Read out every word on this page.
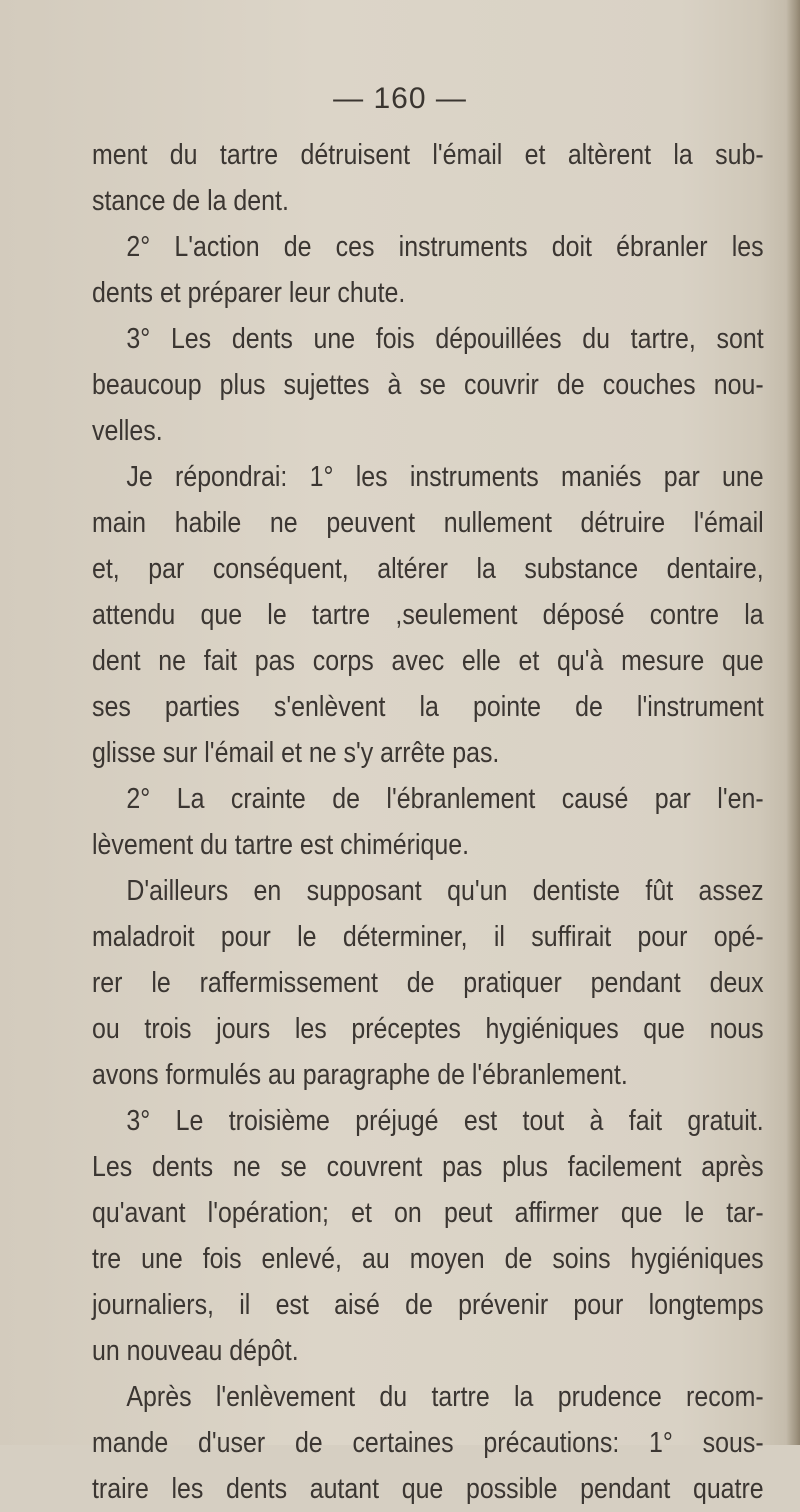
— 160 —
ment du tartre détruisent l'émail et altèrent la sub-
stance de la dent.
2° L'action de ces instruments doit ébranler les
dents et préparer leur chute.
3° Les dents une fois dépouillées du tartre, sont
beaucoup plus sujettes à se couvrir de couches nou-
velles.
Je répondrai: 1° les instruments maniés par une
main habile ne peuvent nullement détruire l'émail
et, par conséquent, altérer la substance dentaire,
attendu que le tartre ,seulement déposé contre la
dent ne fait pas corps avec elle et qu'à mesure que
ses parties s'enlèvent la pointe de l'instrument
glisse sur l'émail et ne s'y arrête pas.
2° La crainte de l'ébranlement causé par l'en-
lèvement du tartre est chimérique.
D'ailleurs en supposant qu'un dentiste fût assez
maladroit pour le déterminer, il suffirait pour opé-
rer le raffermissement de pratiquer pendant deux
ou trois jours les préceptes hygiéniques que nous
avons formulés au paragraphe de l'ébranlement.
3° Le troisième préjugé est tout à fait gratuit.
Les dents ne se couvrent pas plus facilement après
qu'avant l'opération; et on peut affirmer que le tar-
tre une fois enlevé, au moyen de soins hygiéniques
journaliers, il est aisé de prévenir pour longtemps
un nouveau dépôt.
Après l'enlèvement du tartre la prudence recom-
mande d'user de certaines précautions: 1° sous-
traire les dents autant que possible pendant quatre
